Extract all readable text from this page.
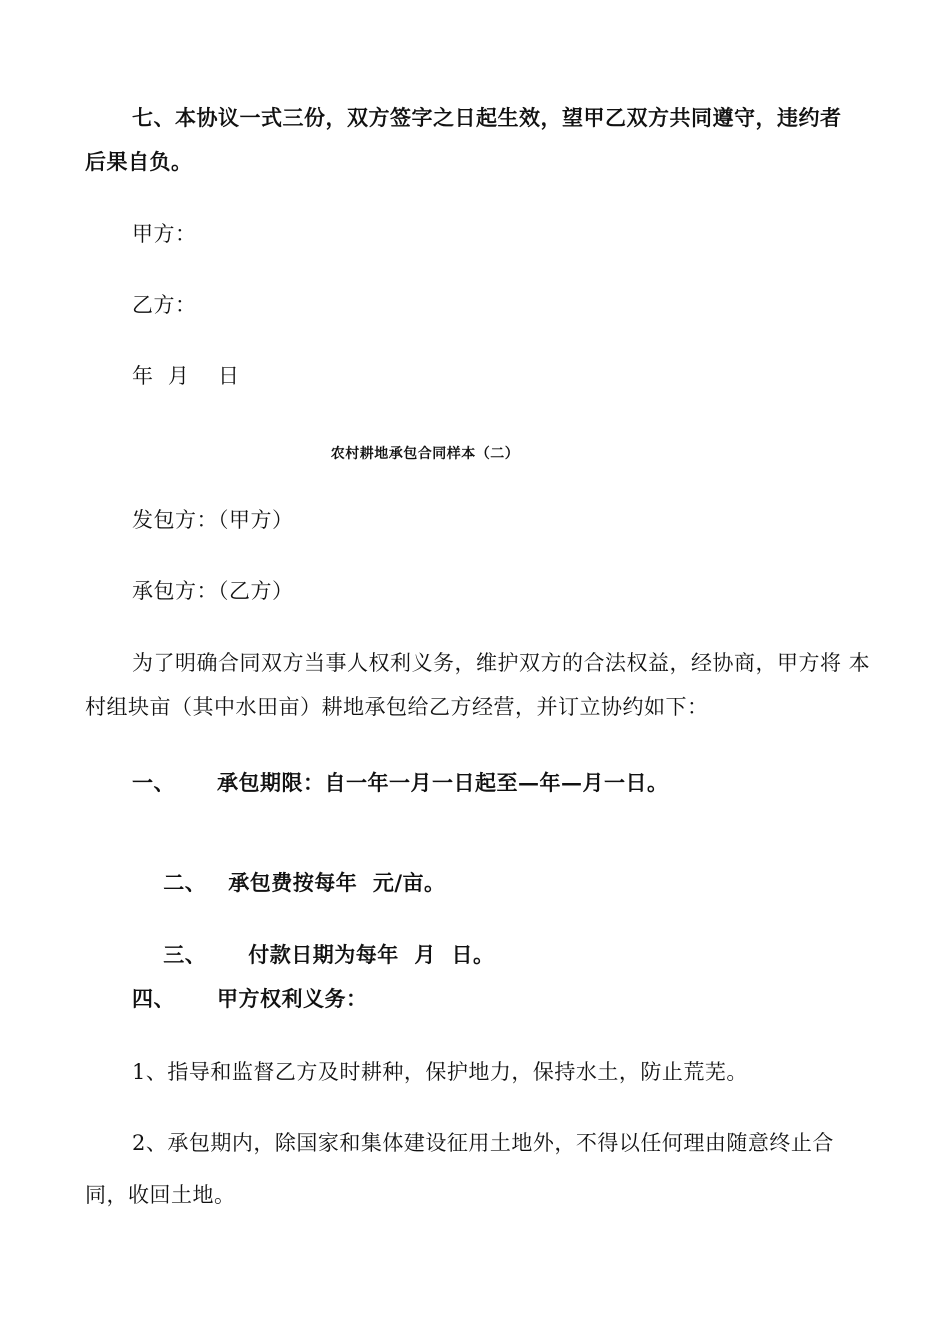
七、本协议一式三份，双方签字之日起生效，望甲乙双方共同遵守，违约者
后果自负。
甲方：
乙方：
年  月    日
农村耕地承包合同样本（二）
发包方：（甲方）
承包方：（乙方）
为了明确合同双方当事人权利义务，维护双方的合法权益，经协商，甲方将 本
村组块亩（其中水田亩）耕地承包给乙方经营，并订立协约如下：
一、 承包期限：自一年一月一日起至—年—月一日。

二、 承包费按每年  元/亩。

三、 付款日期为每年  月  日。

四、 甲方权利义务：
1、指导和监督乙方及时耕种，保护地力，保持水土，防止荒芜。
2、承包期内，除国家和集体建设征用土地外，不得以任何理由随意终止合
同，收回土地。
